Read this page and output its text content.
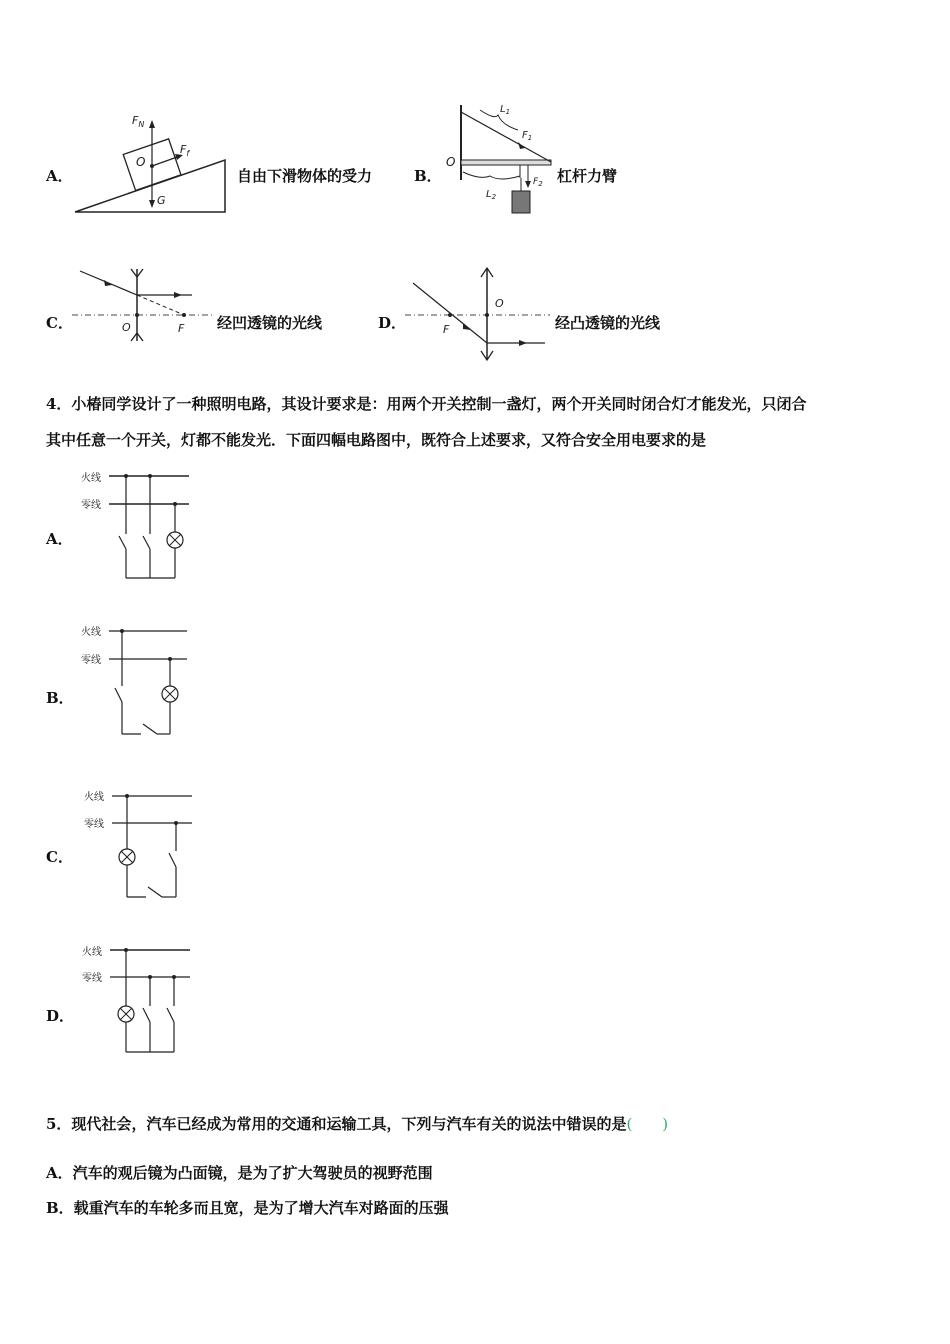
A．
$F_N$
O
$F_f$
G
自由下滑物体的受力	B．
O
$L_1$
$F_1$
$L_2$
$F_2$ 杠杆力臂
C．	O	F 经凹透镜的光线	D．
O
F	经凸透镜的光线
4．小椿同学设计了一种照明电路，其设计要求是：用两个开关控制一盏灯，两个开关同时闭合灯才能发光，只闭合
其中任意一个开关，灯都不能发光．下面四幅电路图中，既符合上述要求，又符合安全用电要求的是
A．
火线
零线
B．
火线
零线
C．
火线
零线
D．
火线
零线
5．现代社会，汽车已经成为常用的交通和运输工具，下列与汽车有关的说法中错误的是(　　)
A．汽车的观后镜为凸面镜，是为了扩大驾驶员的视野范围
B．载重汽车的车轮多而且宽，是为了增大汽车对路面的压强
